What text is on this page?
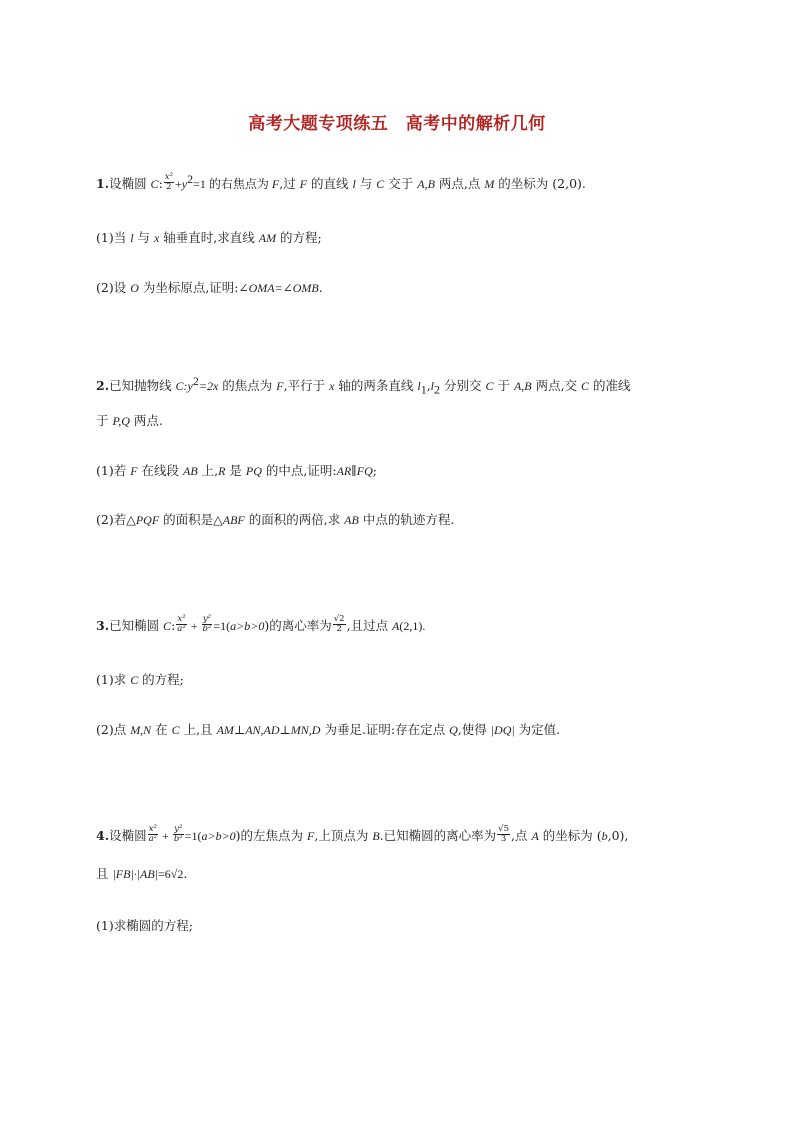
高考大题专项练五　高考中的解析几何
1.设椭圆 C: $\frac{\text{x²}}{2} +y^2=1$ 的右焦点为 F,过 F 的直线 l 与 C 交于 A,B 两点,点 M 的坐标为 (2,0).
(1)当 l 与 x 轴垂直时,求直线 AM 的方程;
(2)设 O 为坐标原点,证明:∠OMA=∠OMB.
2.已知抛物线 $C:y^2=2x$ 的焦点为 F,平行于 x 轴的两条直线 $l_1,l_2$ 分别交 C 于 A,B 两点,交 C 的准线
于 P,Q 两点.
(1)若 F 在线段 AB 上,R 是 PQ 的中点,证明:AR∥FQ;
(2)若△PQF 的面积是△ABF 的面积的两倍,求 AB 中点的轨迹方程.
3.已知椭圆 C: $\frac{\text{x²}}{\text{a²}} + \frac{\text{y²}}{\text{b²}} =1(a>b>0)$的离心率为 $\frac{√2}{2}$ ,且过点 A(2,1).
(1)求 C 的方程;
(2)点 M,N 在 C 上,且 AM⊥AN,AD⊥MN,D 为垂足.证明:存在定点 Q,使得 |DQ| 为定值.
4.设椭圆 $\frac{\text{x²}}{\text{a²}} + \frac{\text{y²}}{\text{b²}} =1(a>b>0)$的左焦点为 F,上顶点为 B.已知椭圆的离心率为 $\frac{√5}{3}$ ,点 A 的坐标为 (b,0),
且 |FB|·|AB|=6√2.
(1)求椭圆的方程;
